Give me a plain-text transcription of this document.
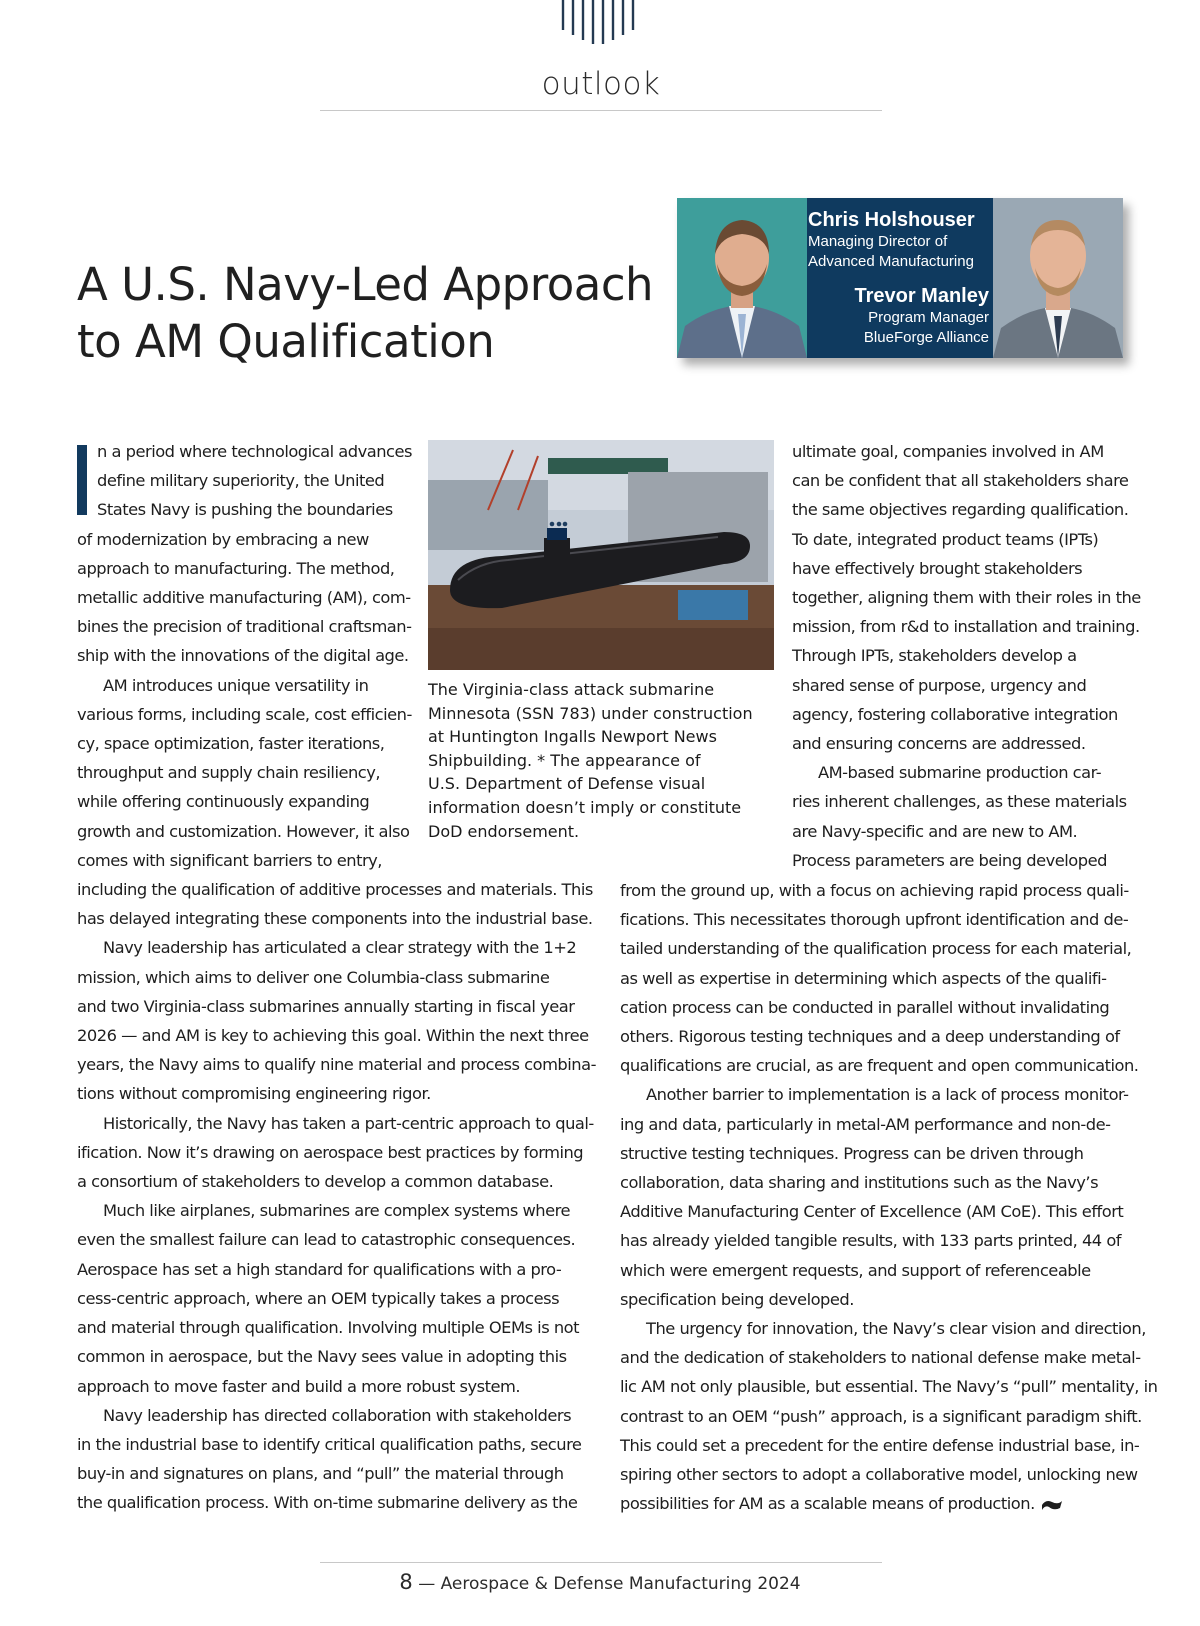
outlook
A U.S. Navy-Led Approach
to AM Qualification
Chris Holshouser
Managing Director of
Advanced Manufacturing
Trevor Manley
Program Manager
BlueForge Alliance

n a period where technological advances

define military superiority, the United

States Navy is pushing the boundaries

of modernization by embracing a new

approach to manufacturing. The method,

metallic additive manufacturing (AM), com-

bines the precision of traditional craftsman-

ship with the innovations of the digital age.

AM introduces unique versatility in

various forms, including scale, cost efficien-

cy, space optimization, faster iterations,

throughput and supply chain resiliency,

while offering continuously expanding

growth and customization. However, it also

comes with significant barriers to entry,

including the qualification of additive processes and materials. This

has delayed integrating these components into the industrial base.

Navy leadership has articulated a clear strategy with the 1+2

mission, which aims to deliver one Columbia-class submarine

and two Virginia-class submarines annually starting in fiscal year

2026 — and AM is key to achieving this goal. Within the next three

years, the Navy aims to qualify nine material and process combina-

tions without compromising engineering rigor.

Historically, the Navy has taken a part-centric approach to qual-

ification. Now it’s drawing on aerospace best practices by forming

a consortium of stakeholders to develop a common database.

Much like airplanes, submarines are complex systems where

even the smallest failure can lead to catastrophic consequences.

Aerospace has set a high standard for qualifications with a pro-

cess-centric approach, where an OEM typically takes a process

and material through qualification. Involving multiple OEMs is not

common in aerospace, but the Navy sees value in adopting this

approach to move faster and build a more robust system.

Navy leadership has directed collaboration with stakeholders

in the industrial base to identify critical qualification paths, secure

buy-in and signatures on plans, and “pull” the material through

the qualification process. With on-time submarine delivery as the

The Virginia-class attack submarine

Minnesota (SSN 783) under construction

at Huntington Ingalls Newport News

Shipbuilding. * The appearance of

U.S. Department of Defense visual

information doesn’t imply or constitute

DoD endorsement.

ultimate goal, companies involved in AM

can be confident that all stakeholders share

the same objectives regarding qualification.

To date, integrated product teams (IPTs)

have effectively brought stakeholders

together, aligning them with their roles in the

mission, from r&d to installation and training.

Through IPTs, stakeholders develop a

shared sense of purpose, urgency and

agency, fostering collaborative integration

and ensuring concerns are addressed.

AM-based submarine production car-

ries inherent challenges, as these materials

are Navy-specific and are new to AM.

Process parameters are being developed

from the ground up, with a focus on achieving rapid process quali-

fications. This necessitates thorough upfront identification and de-

tailed understanding of the qualification process for each material,

as well as expertise in determining which aspects of the qualifi-

cation process can be conducted in parallel without invalidating

others. Rigorous testing techniques and a deep understanding of

qualifications are crucial, as are frequent and open communication.

Another barrier to implementation is a lack of process monitor-

ing and data, particularly in metal-AM performance and non-de-

structive testing techniques. Progress can be driven through

collaboration, data sharing and institutions such as the Navy’s

Additive Manufacturing Center of Excellence (AM CoE). This effort

has already yielded tangible results, with 133 parts printed, 44 of

which were emergent requests, and support of referenceable

specification being developed.

The urgency for innovation, the Navy’s clear vision and direction,

and the dedication of stakeholders to national defense make metal-

lic AM not only plausible, but essential. The Navy’s “pull” mentality, in

contrast to an OEM “push” approach, is a significant paradigm shift.

This could set a precedent for the entire defense industrial base, in-

spiring other sectors to adopt a collaborative model, unlocking new

possibilities for AM as a scalable means of production.

8 — Aerospace & Defense Manufacturing 2024
